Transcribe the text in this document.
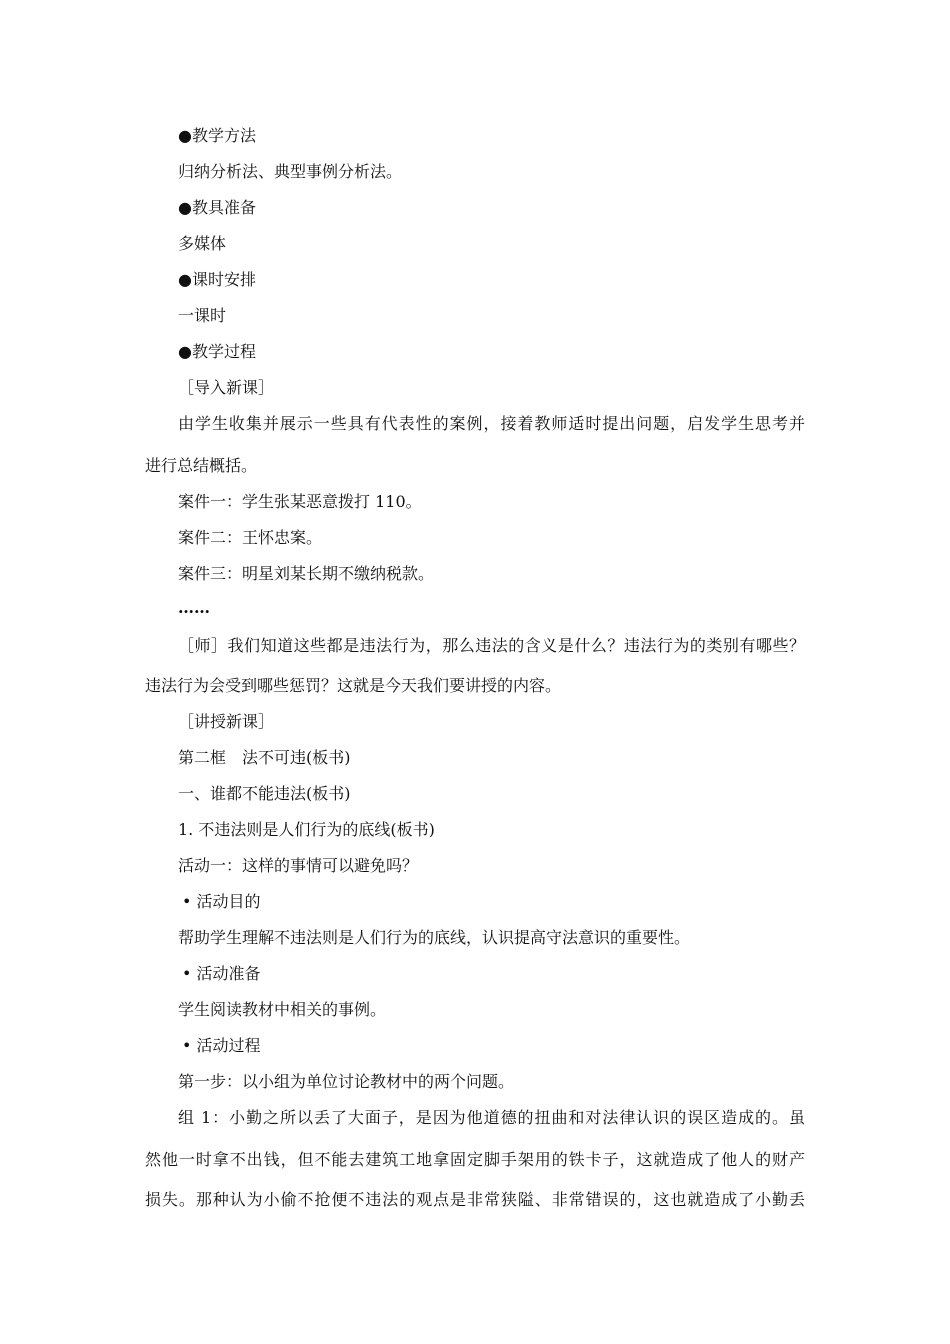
●教学方法
归纳分析法、典型事例分析法。
●教具准备
多媒体
●课时安排
一课时
●教学过程
［导入新课］
由学生收集并展示一些具有代表性的案例，接着教师适时提出问题，启发学生思考并
进行总结概括。
案件一：学生张某恶意拨打 110。
案件二：王怀忠案。
案件三：明星刘某长期不缴纳税款。
……
［师］我们知道这些都是违法行为，那么违法的含义是什么？违法行为的类别有哪些？
违法行为会受到哪些惩罚？这就是今天我们要讲授的内容。
［讲授新课］
第二框　法不可违(板书)
一、谁都不能违法(板书)
1. 不违法则是人们行为的底线(板书)
活动一：这样的事情可以避免吗？
• 活动目的
帮助学生理解不违法则是人们行为的底线，认识提高守法意识的重要性。
• 活动准备
学生阅读教材中相关的事例。
• 活动过程
第一步：以小组为单位讨论教材中的两个问题。
组 1：小勤之所以丢了大面子，是因为他道德的扭曲和对法律认识的误区造成的。虽
然他一时拿不出钱，但不能去建筑工地拿固定脚手架用的铁卡子，这就造成了他人的财产
损失。那种认为小偷不抢便不违法的观点是非常狭隘、非常错误的，这也就造成了小勤丢
